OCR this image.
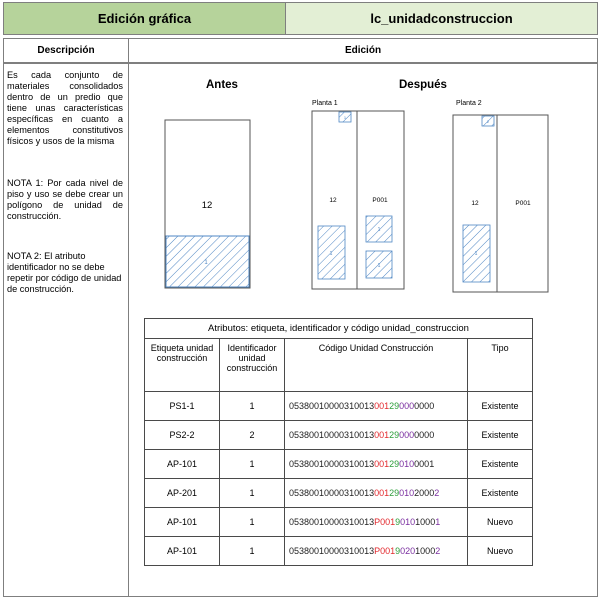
Edición gráfica	lc_unidadconstruccion
Descripción	Edición
Es cada conjunto de materiales consolidados dentro de un predio que tiene unas características específicas en cuanto a elementos constitutivos físicos y usos de la misma
NOTA 1: Por cada nivel de piso y uso se debe crear un polígono de unidad de construcción.
NOTA 2: El atributo identificador no se debe repetir por código de unidad de construcción.
Antes
12
1
Después
Planta 1
1
12	P001
1
1
1
Planta 2
2
12	P001
1
Atributos: etiqueta, identificador y código unidad_construccion			
Etiqueta unidad construcción	Identificador unidad construcción	Código Unidad Construcción	Tipo
PS1-1	1	05380010000310013001290000000	Existente
PS2-2	2	05380010000310013001290000000	Existente
AP-101	1	05380010000310013001290100001	Existente
AP-201	1	053800100003100130012901020002	Existente
AP-101	1	05380010000310013P001901010001	Nuevo
AP-101	1	05380010000310013P001902010002	Nuevo
